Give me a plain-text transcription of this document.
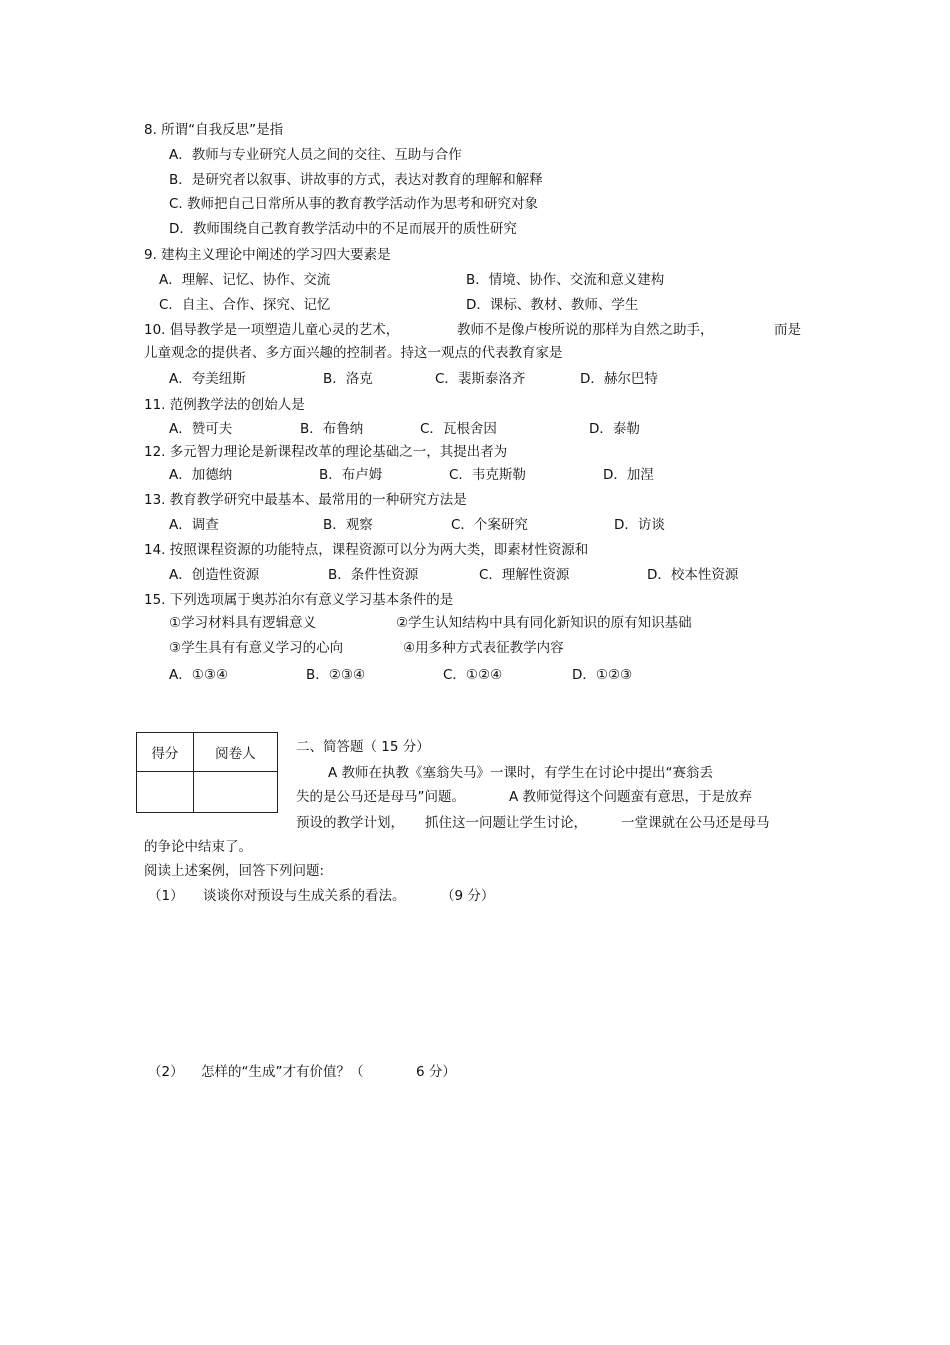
8. 所谓“自我反思”是指
A．教师与专业研究人员之间的交往、互助与合作
B．是研究者以叙事、讲故事的方式，表达对教育的理解和解释
C. 教师把自己日常所从事的教育教学活动作为思考和研究对象
D．教师围绕自己教育教学活动中的不足而展开的质性研究
9. 建构主义理论中阐述的学习四大要素是
A．理解、记忆、协作、交流	B．情境、协作、交流和意义建构
C．自主、合作、探究、记忆	D．课标、教材、教师、学生
10. 倡导教学是一项塑造儿童心灵的艺术，	教师不是像卢梭所说的那样为自然之助手，	而是
儿童观念的提供者、多方面兴趣的控制者。持这一观点的代表教育家是
A．夸美纽斯	B．洛克	C．裴斯泰洛齐	D．赫尔巴特
11. 范例教学法的创始人是
A．赞可夫	B．布鲁纳	C．瓦根舍因	D．泰勒
12. 多元智力理论是新课程改革的理论基础之一，其提出者为
A．加德纳	B．布卢姆	C．韦克斯勒	D．加涅
13. 教育教学研究中最基本、最常用的一种研究方法是
A．调查	B．观察	C．个案研究	D．访谈
14. 按照课程资源的功能特点，课程资源可以分为两大类，即素材性资源和
A．创造性资源	B．条件性资源	C．理解性资源	D．校本性资源
15. 下列选项属于奥苏泊尔有意义学习基本条件的是
①学习材料具有逻辑意义	②学生认知结构中具有同化新知识的原有知识基础
③学生具有有意义学习的心向	④用多种方式表征教学内容
A．①③④	B．②③④	C．①②④	D．①②③
得分	阅卷人
		二、简答题（ 15 分）
A 教师在执教《塞翁失马》一课时，有学生在讨论中提出“赛翁丢
失的是公马还是母马”问题。	A 教师觉得这个问题蛮有意思，于是放弃
预设的教学计划， 抓住这一问题让学生讨论，	一堂课就在公马还是母马
的争论中结束了。
阅读上述案例，回答下列问题:
（1） 谈谈你对预设与生成关系的看法。	（9 分）
（2） 怎样的“生成”才有价值？（	6 分）
